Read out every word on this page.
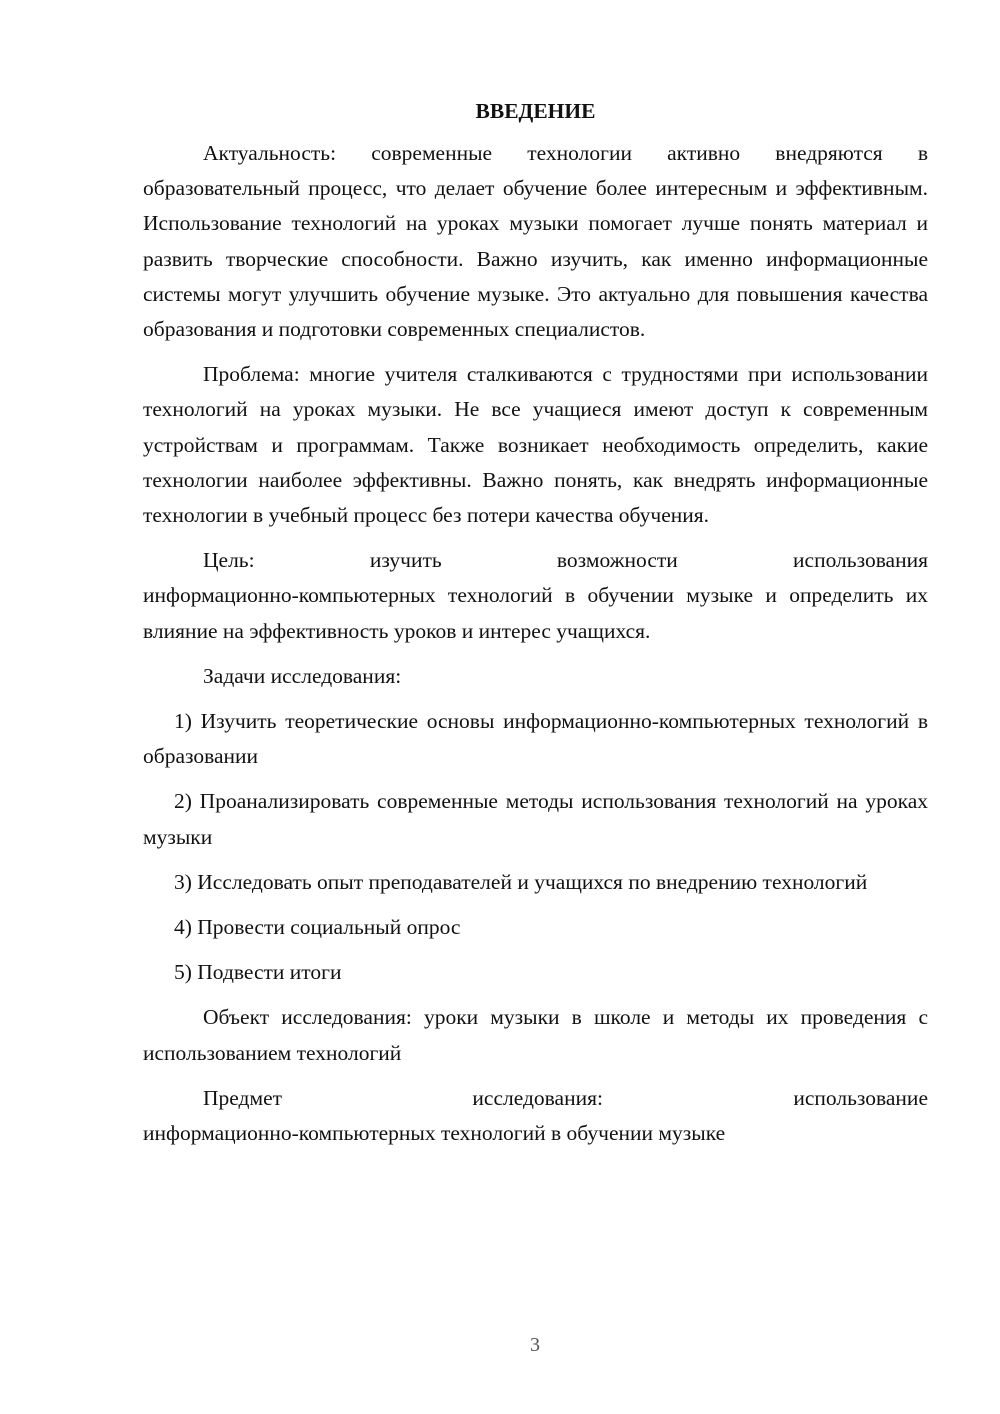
ВВЕДЕНИЕ

Актуальность: современные технологии активно внедряются в образовательный процесс, что делает обучение более интересным и эффективным. Использование технологий на уроках музыки помогает лучше понять материал и развить творческие способности. Важно изучить, как именно информационные системы могут улучшить обучение музыке. Это актуально для повышения качества образования и подготовки современных специалистов.

Проблема: многие учителя сталкиваются с трудностями при использовании технологий на уроках музыки. Не все учащиеся имеют доступ к современным устройствам и программам. Также возникает необходимость определить, какие технологии наиболее эффективны. Важно понять, как внедрять информационные технологии в учебный процесс без потери качества обучения.

Цель:	изучить	возможности	использования
информационно-компьютерных технологий в обучении музыке и определить их влияние на эффективность уроков и интерес учащихся.

Задачи исследования:

1) Изучить теоретические основы информационно-компьютерных технологий в образовании

2) Проанализировать современные методы использования технологий на уроках музыки

3) Исследовать опыт преподавателей и учащихся по внедрению технологий

4) Провести социальный опрос

5) Подвести итоги

Объект исследования: уроки музыки в школе и методы их проведения с использованием технологий

Предмет	исследования:	использование
информационно-компьютерных технологий в обучении музыке
3
